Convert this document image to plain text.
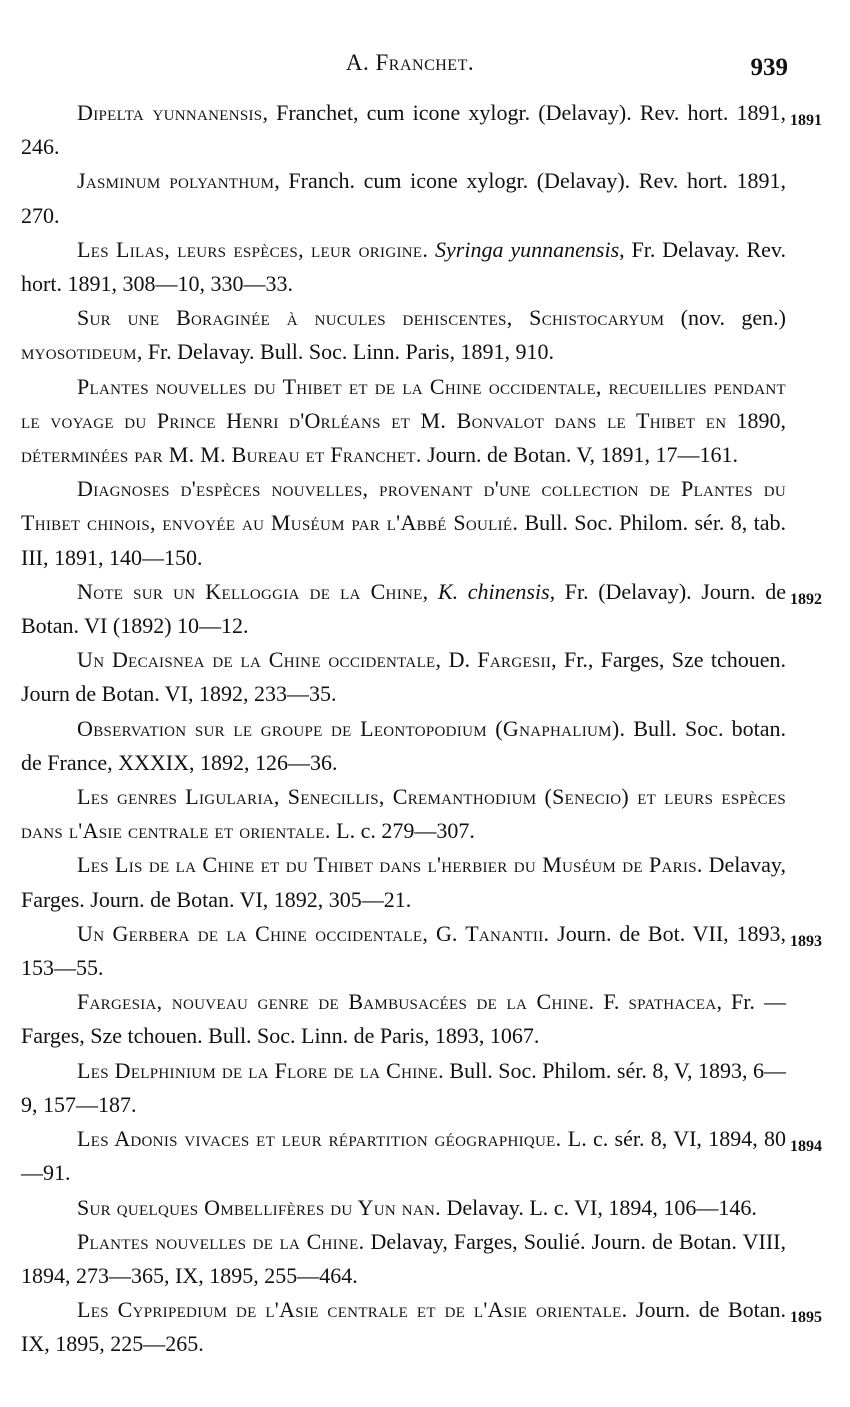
A. Franchet.	939

1891
Dipelta yunnanensis, Franchet, cum icone xylogr. (Delavay). Rev. hort. 1891, 246.

Jasminum polyanthum, Franch. cum icone xylogr. (Delavay). Rev. hort. 1891, 270.

Les Lilas, leurs espèces, leur origine. Syringa yunnanensis, Fr. Delavay. Rev. hort. 1891, 308—10, 330—33.

Sur une Boraginée à nucules dehiscentes, Schistocaryum (nov. gen.) myosotideum, Fr. Delavay. Bull. Soc. Linn. Paris, 1891, 910.

Plantes nouvelles du Thibet et de la Chine occidentale, recueillies pendant le voyage du Prince Henri d'Orléans et M. Bonvalot dans le Thibet en 1890, déterminées par M. M. Bureau et Franchet. Journ. de Botan. V, 1891, 17—161.

Diagnoses d'espèces nouvelles, provenant d'une collection de Plantes du Thibet chinois, envoyée au Muséum par l'Abbé Soulié. Bull. Soc. Philom. sér. 8, tab. III, 1891, 140—150.

1892
Note sur un Kelloggia de la Chine, K. chinensis, Fr. (Delavay). Journ. de Botan. VI (1892) 10—12.

Un Decaisnea de la Chine occidentale, D. Fargesii, Fr., Farges, Sze tchouen. Journ de Botan. VI, 1892, 233—35.

Observation sur le groupe de Leontopodium (Gnaphalium). Bull. Soc. botan. de France, XXXIX, 1892, 126—36.

Les genres Ligularia, Senecillis, Cremanthodium (Senecio) et leurs espèces dans l'Asie centrale et orientale. L. c. 279—307.

Les Lis de la Chine et du Thibet dans l'herbier du Muséum de Paris. Delavay, Farges. Journ. de Botan. VI, 1892, 305—21.

1893
Un Gerbera de la Chine occidentale, G. Tanantii. Journ. de Bot. VII, 1893, 153—55.

Fargesia, nouveau genre de Bambusacées de la Chine. F. spathacea, Fr. — Farges, Sze tchouen. Bull. Soc. Linn. de Paris, 1893, 1067.

Les Delphinium de la Flore de la Chine. Bull. Soc. Philom. sér. 8, V, 1893, 6—9, 157—187.

1894
Les Adonis vivaces et leur répartition géographique. L. c. sér. 8, VI, 1894, 80—91.

Sur quelques Ombellifères du Yun nan. Delavay. L. c. VI, 1894, 106—146.

Plantes nouvelles de la Chine. Delavay, Farges, Soulié. Journ. de Botan. VIII, 1894, 273—365, IX, 1895, 255—464.

1895
Les Cypripedium de l'Asie centrale et de l'Asie orientale. Journ. de Botan. IX, 1895, 225—265.
